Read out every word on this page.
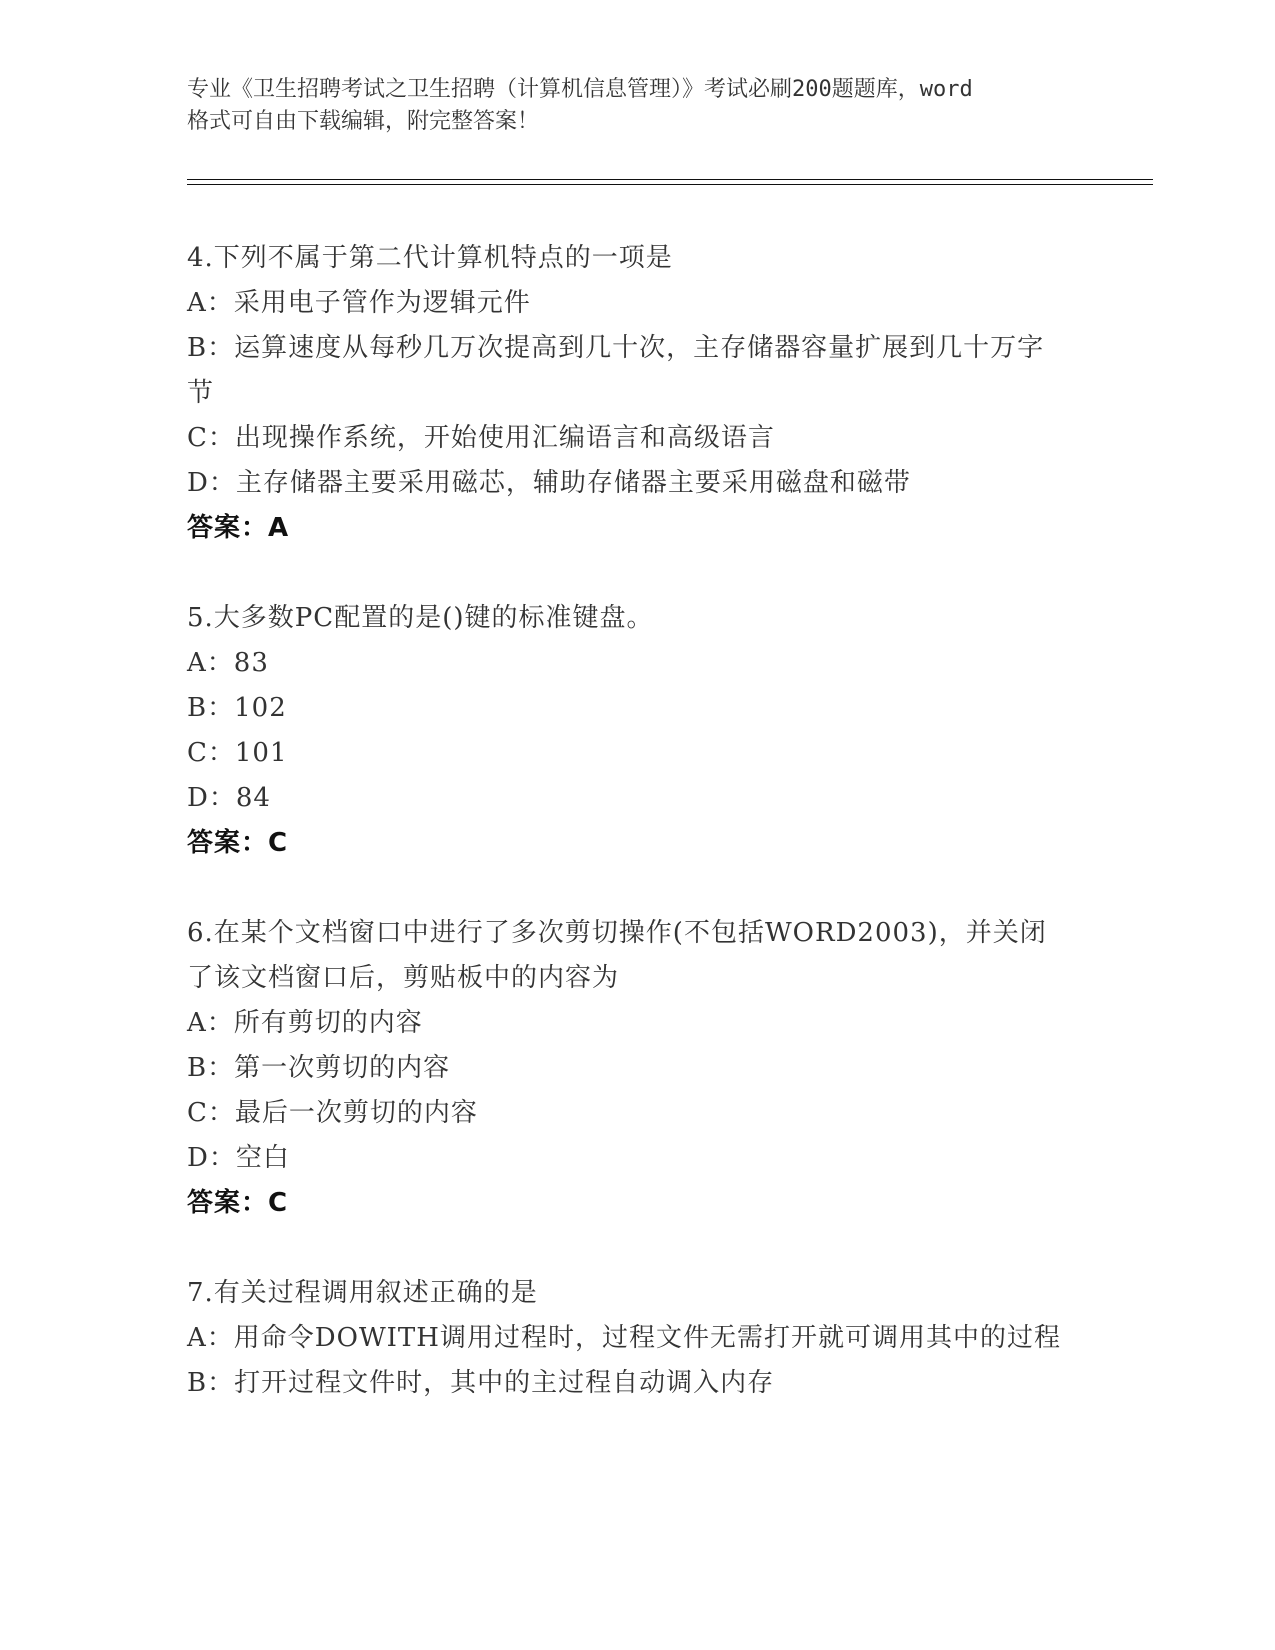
专业《卫生招聘考试之卫生招聘（计算机信息管理）》考试必刷200题题库，word
格式可自由下载编辑，附完整答案！
4.下列不属于第二代计算机特点的一项是
A：采用电子管作为逻辑元件
B：运算速度从每秒几万次提高到几十次，主存储器容量扩展到几十万字节
C：出现操作系统，开始使用汇编语言和高级语言
D：主存储器主要采用磁芯，辅助存储器主要采用磁盘和磁带
答案：A
5.大多数PC配置的是()键的标准键盘。
A：83
B：102
C：101
D：84
答案：C
6.在某个文档窗口中进行了多次剪切操作(不包括WORD2003)，并关闭了该文档窗口后，剪贴板中的内容为
A：所有剪切的内容
B：第一次剪切的内容
C：最后一次剪切的内容
D：空白
答案：C
7.有关过程调用叙述正确的是
A：用命令DOWITH调用过程时，过程文件无需打开就可调用其中的过程
B：打开过程文件时，其中的主过程自动调入内存
